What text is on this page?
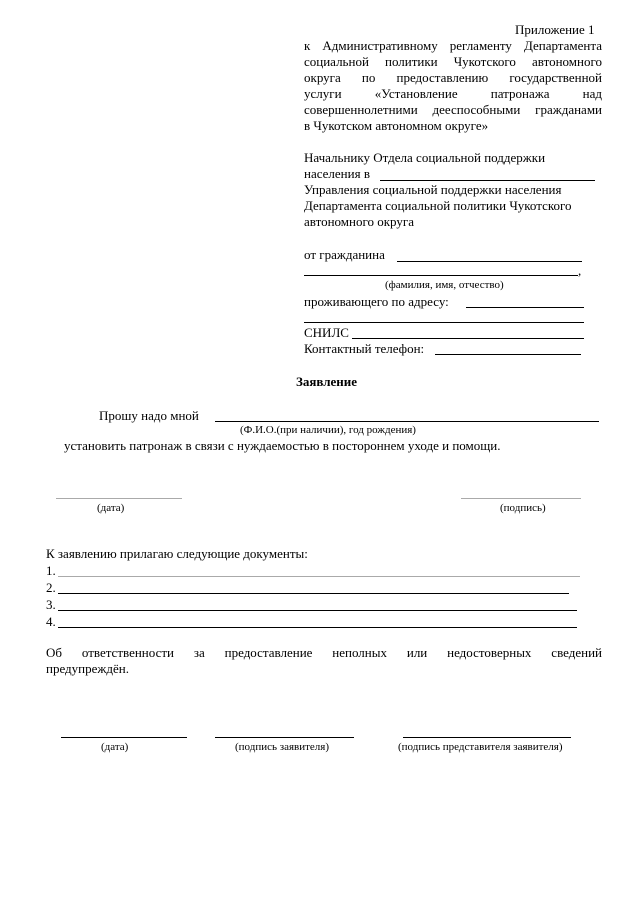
Приложение 1
к Административному регламенту Департамента
социальной политики Чукотского автономного
округа по предоставлению государственной
услуги «Установление патронажа над
совершеннолетними дееспособными гражданами
в Чукотском автономном округе»
Начальнику Отдела социальной поддержки
населения в
Управления социальной поддержки населения
Департамента социальной политики Чукотского
автономного округа
от гражданина
,
(фамилия, имя, отчество)
проживающего по адресу:
СНИЛС
Контактный телефон:
Заявление
Прошу надо мной
(Ф.И.О.(при наличии), год рождения)
установить патронаж в связи с нуждаемостью в постороннем уходе и помощи.
(дата)	(подпись)
К заявлению прилагаю следующие документы:
1.
2.
3.
4.
Об ответственности за предоставление неполных или недостоверных сведений
предупреждён.
(дата)	(подпись заявителя)	(подпись представителя заявителя)
